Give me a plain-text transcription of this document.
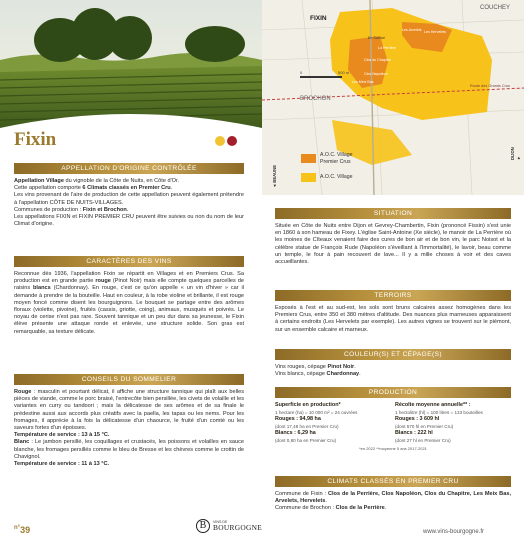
FIXIN
COUCHEY
BROCHON
En Suchot
Les Arvelets Les Hervelets
La Perrière
Clos du Chapitre
Clos Napoléon
Les Meix Bas
0	500 m
Route des Grands Crus
◄ BEAUNE
DIJON ►
A.O.C. Village
Premier Crus
A.O.C. Village
Fixin
APPELLATION D'ORIGINE CONTRÔLÉE
Appellation Village du vignoble de la Côte de Nuits, en Côte d'Or.
Cette appellation comporte 6 Climats classés en Premier Cru.
Les vins provenant de l'aire de production de cette appellation peuvent également prétendre à l'appellation CÔTE DE NUITS-VILLAGES.
Communes de production : Fixin et Brochon.
Les appellations FIXIN et FIXIN PREMIER CRU peuvent être suivies ou non du nom de leur Climat d'origine.
CARACTÈRES DES VINS
Reconnue dès 1936, l'appellation Fixin se répartit en Villages et en Premiers Crus. Sa production est en grande partie rouge (Pinot Noir) mais elle compte quelques parcelles de raisins blancs (Chardonnay). En rouge, c'est ce qu'on appelle « un vin d'hiver » car il demande à prendre de la bouteille. Haut en couleur, à la robe violine et brillante, il est rouge moyen foncé comme disent les bourguignons. Le bouquet se partage entre des arômes floraux (violette, pivoine), fruités (cassis, griotte, coing), animaux, musqués et poivrés. Le noyau de cerise n'est pas rare. Souvent tannique et un peu dur dans sa jeunesse, le Fixin élève présente une attaque ronde et enlevée, une structure solide. Son gras est remarquable, sa texture délicate.
CONSEILS DU SOMMELIER
Rouge : masculin et pourtant délicat, il affiche une structure tannique qui plaît aux belles pièces de viande, comme le porc braisé, l'entrecôte bien persillée, les civets de volaille et les variantes en curry ou tandoori ; mais la délicatesse de ses arômes et de sa finale le prédestine aussi aux accords plus créatifs avec la paella, les tapas ou les nems. Pour les fromages, il apprécie à la fois la délicatesse d'un chaource, le fruité d'un comté ou les saveurs fortes d'un époisses.
Température de service : 13 à 15 °C.
Blanc : Le jambon persillé, les coquillages et crustacés, les poissons et volailles en sauce blanche, les fromages persillés comme le bleu de Bresse et les chèvres comme le crottin de Chavignol.
Température de service : 11 à 13 °C.
SITUATION
Située en Côte de Nuits entre Dijon et Gevrey-Chambertin, Fixin (prononcé Fissin) s'est unie en 1860 à son hameau de Fixey. L'église Saint-Antoine (Xe siècle), le manoir de La Perrière où les moines de Cîteaux venaient faire des cures de bon air et de bon vin, le parc Noisot et la célèbre statue de François Rude (Napoléon s'éveillant à l'Immortalité), le lavoir, beau comme un temple, le four à pain recouvert de lave... Il y a mille choses à voir et des caves accueillantes.
TERROIRS
Exposés à l'est et au sud-est, les sols sont bruns calcaires assez homogènes dans les Premiers Crus, entre 350 et 380 mètres d'altitude. Des nuances plus marneuses apparaissent à certains endroits (Les Hervelets par exemple). Les autres vignes se trouvent sur le piémont, sur un ensemble calcaire et marneux.
COULEUR(S) ET CÉPAGE(S)
Vins rouges, cépage Pinot Noir.
Vins blancs, cépage Chardonnay.
PRODUCTION
Superficie en production*
1 hectare (ha) = 10 000 m² = 24 ouvrées
Rouges : 94,98 ha
(dont 17,48 ha en Premier Cru)
Blancs : 6,29 ha
(dont 0,80 ha en Premier Cru)
Récolte moyenne annuelle** :
1 hectolitre (hl) = 100 litres = 133 bouteilles
Rouges : 3 609 hl
(dont 570 hl en Premier Cru)
Blancs : 222 hl
(dont 27 hl en Premier Cru)
*en 2022 **moyenne 5 ans 2017-2021
CLIMATS CLASSÉS EN PREMIER CRU
Commune de Fixin : Clos de la Perrière, Clos Napoléon, Clos du Chapitre, Les Meix Bas, Arvelets, Hervelets.
Commune de Brochon : Clos de la Perrière.
$^{n^\circ}$39	B	VINS DE
BOURGOGNE	www.vins-bourgogne.fr
